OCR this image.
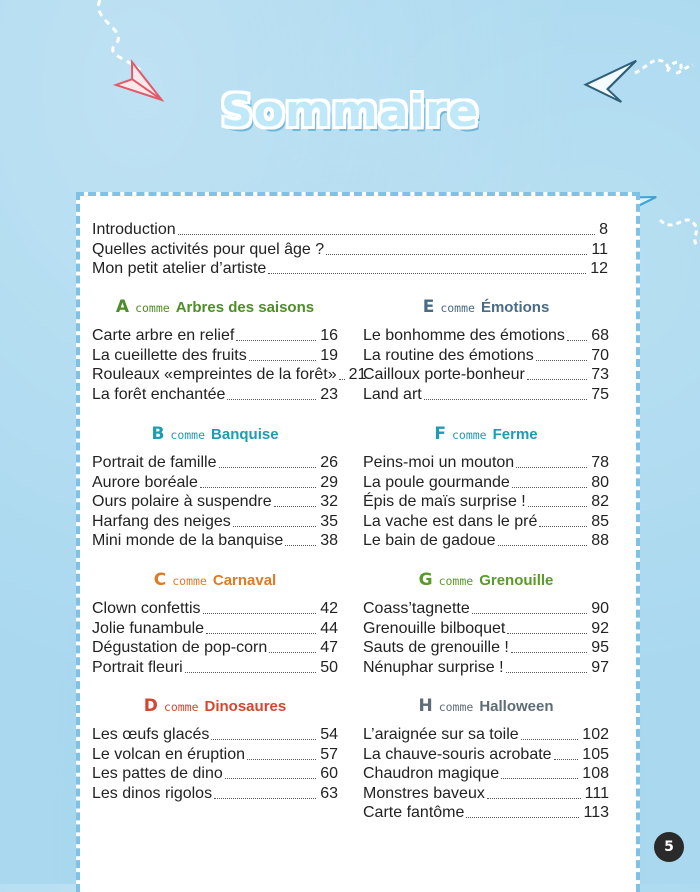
Sommaire
Introduction	8
Quelles activités pour quel âge ?	11
Mon petit atelier d’artiste	12
A comme Arbres des saisons
Carte arbre en relief	16
La cueillette des fruits	19
Rouleaux «empreintes de la forêt» 21
La forêt enchantée	23
E comme Émotions
Le bonhomme des émotions 68
La routine des émotions	70
Cailloux porte-bonheur	73
Land art	75
B comme Banquise
Portrait de famille	26
Aurore boréale	29
Ours polaire à suspendre	32
Harfang des neiges	35
Mini monde de la banquise 38
F comme Ferme
Peins-moi un mouton	78
La poule gourmande	80
Épis de maïs surprise !	82
La vache est dans le pré	85
Le bain de gadoue	88
C comme Carnaval
Clown confettis	42
Jolie funambule	44
Dégustation de pop-corn	47
Portrait fleuri	50
G comme Grenouille
Coass’tagnette	90
Grenouille bilboquet	92
Sauts de grenouille !	95
Nénuphar surprise !	97
D comme Dinosaures
Les œufs glacés	54
Le volcan en éruption	57
Les pattes de dino	60
Les dinos rigolos	63
H comme Halloween
L’araignée sur sa toile	102
La chauve-souris acrobate 105
Chaudron magique	108
Monstres baveux	111
Carte fantôme	113
5
